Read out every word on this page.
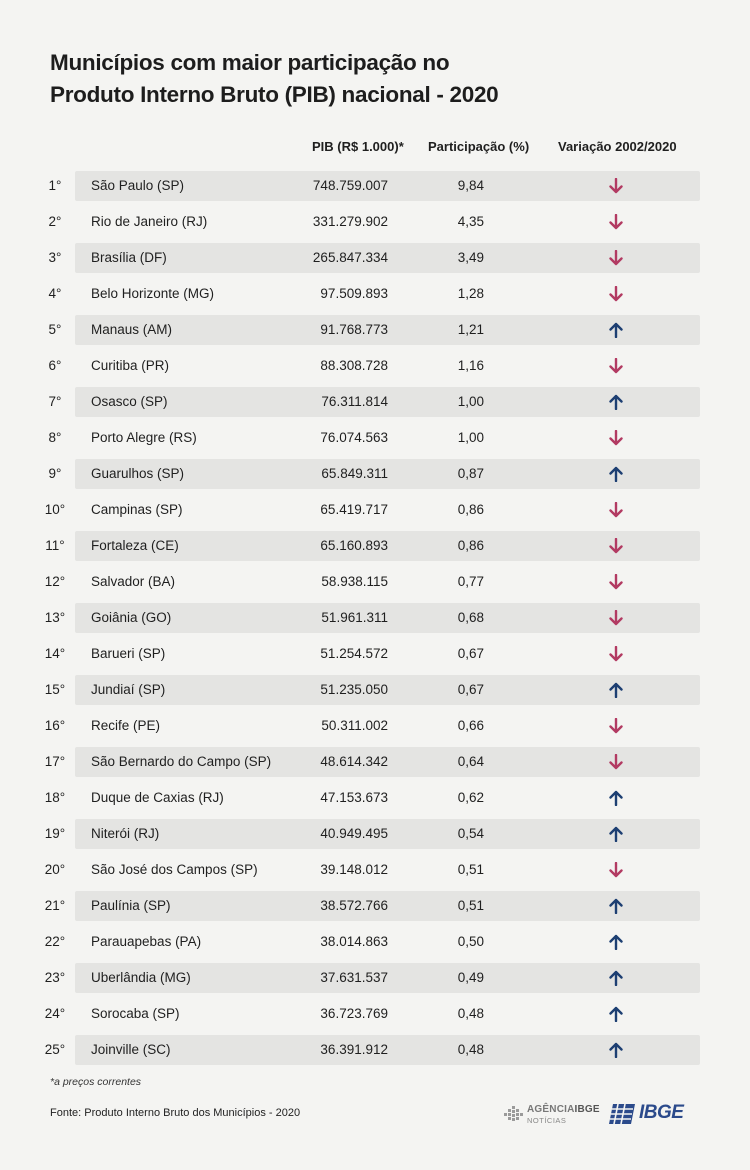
Municípios com maior participação no
Produto Interno Bruto (PIB) nacional - 2020
PIB (R$ 1.000)* Participação (%) Variação 2002/2020
1°	São Paulo (SP)	748.759.007	9,84
2°	Rio de Janeiro (RJ)	331.279.902	4,35
3°	Brasília (DF)	265.847.334	3,49
4°	Belo Horizonte (MG)	97.509.893	1,28
5°	Manaus (AM)	91.768.773	1,21
6°	Curitiba (PR)	88.308.728	1,16
7°	Osasco (SP)	76.311.814	1,00
8°	Porto Alegre (RS)	76.074.563	1,00
9°	Guarulhos (SP)	65.849.311	0,87
10°	Campinas (SP)	65.419.717	0,86
11°	Fortaleza (CE)	65.160.893	0,86
12°	Salvador (BA)	58.938.115	0,77
13°	Goiânia (GO)	51.961.311	0,68
14°	Barueri (SP)	51.254.572	0,67
15°	Jundiaí (SP)	51.235.050	0,67
16°	Recife (PE)	50.311.002	0,66
17°	São Bernardo do Campo (SP)	48.614.342	0,64
18°	Duque de Caxias (RJ)	47.153.673	0,62
19°	Niterói (RJ)	40.949.495	0,54
20°	São José dos Campos (SP)	39.148.012	0,51
21°	Paulínia (SP)	38.572.766	0,51
22°	Parauapebas (PA)	38.014.863	0,50
23°	Uberlândia (MG)	37.631.537	0,49
24°	Sorocaba (SP)	36.723.769	0,48
25°	Joinville (SC)	36.391.912	0,48
*a preços correntes
Fonte: Produto Interno Bruto dos Municípios - 2020	AGÊNCIAIBGE
NOTÍCIAS	IBGE
